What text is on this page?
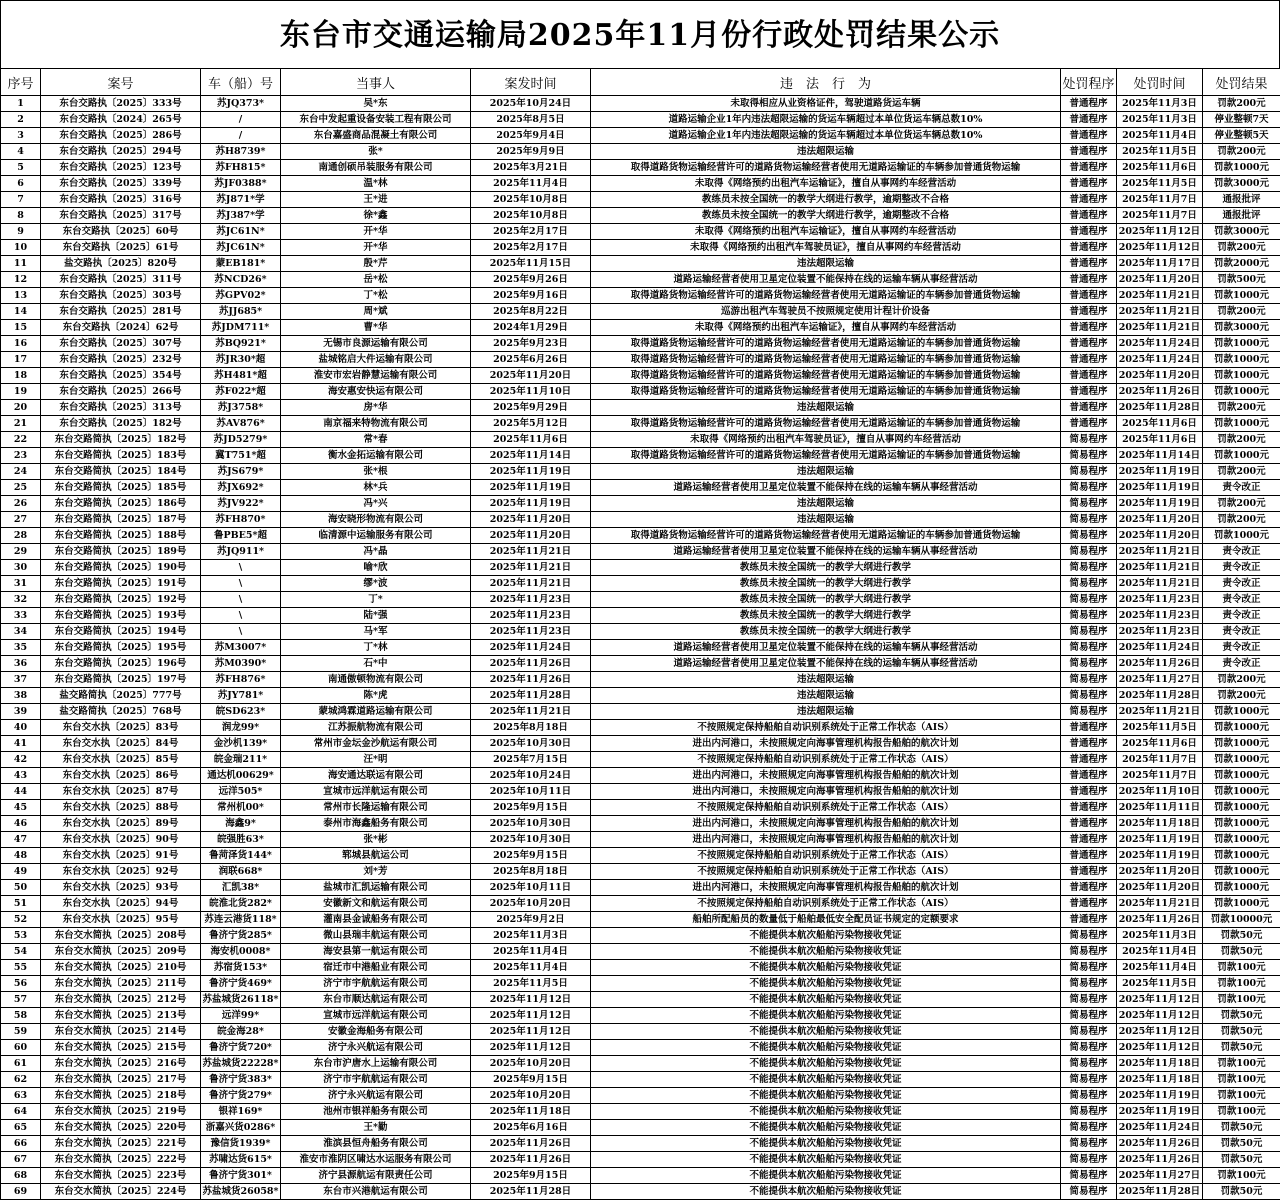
东台市交通运输局2025年11月份行政处罚结果公示
序号	案号	车（船）号	当事人	案发时间	违　法　行　为	处罚程序	处罚时间	处罚结果
1	东台交路执〔2025〕333号	苏JQ373*	吴*东	2025年10月24日	未取得相应从业资格证件，驾驶道路货运车辆	普通程序	2025年11月3日	罚款200元
2	东台交路执〔2024〕265号	/	东台中发起重设备安装工程有限公司	2025年8月5日	道路运输企业1年内违法超限运输的货运车辆超过本单位货运车辆总数10%	普通程序	2025年11月3日	停业整顿7天
3	东台交路执〔2025〕286号	/	东台嘉盛商品混凝土有限公司	2025年9月4日	道路运输企业1年内违法超限运输的货运车辆超过本单位货运车辆总数10%	普通程序	2025年11月4日	停业整顿5天
4	东台交路执〔2025〕294号	苏H8739*	张*	2025年9月9日	违法超限运输	普通程序	2025年11月5日	罚款200元
5	东台交路执〔2025〕123号	苏FH815*	南通创硕吊装服务有限公司	2025年3月21日	取得道路货物运输经营许可的道路货物运输经营者使用无道路运输证的车辆参加普通货物运输	普通程序	2025年11月6日	罚款1000元
6	东台交路执〔2025〕339号	苏JF0388*	温*林	2025年11月4日	未取得《网络预约出租汽车运输证》，擅自从事网约车经营活动	普通程序	2025年11月5日	罚款3000元
7	东台交路执〔2025〕316号	苏J871*学	王*进	2025年10月8日	教练员未按全国统一的教学大纲进行教学，逾期整改不合格	普通程序	2025年11月7日	通报批评
8	东台交路执〔2025〕317号	苏J387*学	徐*鑫	2025年10月8日	教练员未按全国统一的教学大纲进行教学，逾期整改不合格	普通程序	2025年11月7日	通报批评
9	东台交路执〔2025〕60号	苏JC61N*	开*华	2025年2月17日	未取得《网络预约出租汽车运输证》，擅自从事网约车经营活动	普通程序	2025年11月12日	罚款3000元
10	东台交路执〔2025〕61号	苏JC61N*	开*华	2025年2月17日	未取得《网络预约出租汽车驾驶员证》，擅自从事网约车经营活动	普通程序	2025年11月12日	罚款200元
11	盐交路执〔2025〕820号	蒙EB181*	殷*芹	2025年11月15日	违法超限运输	普通程序	2025年11月17日	罚款2000元
12	东台交路执〔2025〕311号	苏NCD26*	岳*松	2025年9月26日	道路运输经营者使用卫星定位装置不能保持在线的运输车辆从事经营活动	普通程序	2025年11月20日	罚款500元
13	东台交路执〔2025〕303号	苏GPV02*	丁*松	2025年9月16日	取得道路货物运输经营许可的道路货物运输经营者使用无道路运输证的车辆参加普通货物运输	普通程序	2025年11月21日	罚款1000元
14	东台交路执〔2025〕281号	苏JJ685*	周*斌	2025年8月22日	巡游出租汽车驾驶员不按照规定使用计程计价设备	普通程序	2025年11月21日	罚款200元
15	东台交路执〔2024〕62号	苏JDM711*	曹*华	2024年1月29日	未取得《网络预约出租汽车运输证》，擅自从事网约车经营活动	普通程序	2025年11月21日	罚款3000元
16	东台交路执〔2025〕307号	苏BQ921*	无锡市良源运输有限公司	2025年9月23日	取得道路货物运输经营许可的道路货物运输经营者使用无道路运输证的车辆参加普通货物运输	普通程序	2025年11月24日	罚款1000元
17	东台交路执〔2025〕232号	苏JR30*超	盐城铭启大件运输有限公司	2025年6月26日	取得道路货物运输经营许可的道路货物运输经营者使用无道路运输证的车辆参加普通货物运输	普通程序	2025年11月24日	罚款1000元
18	东台交路执〔2025〕354号	苏H481*超	淮安市宏岩静慧运输有限公司	2025年11月20日	取得道路货物运输经营许可的道路货物运输经营者使用无道路运输证的车辆参加普通货物运输	普通程序	2025年11月20日	罚款1000元
19	东台交路执〔2025〕266号	苏F022*超	海安惠安快运有限公司	2025年11月10日	取得道路货物运输经营许可的道路货物运输经营者使用无道路运输证的车辆参加普通货物运输	普通程序	2025年11月26日	罚款1000元
20	东台交路执〔2025〕313号	苏J3758*	房*华	2025年9月29日	违法超限运输	普通程序	2025年11月28日	罚款200元
21	东台交路执〔2025〕182号	苏AV876*	南京福来特物流有限公司	2025年5月12日	取得道路货物运输经营许可的道路货物运输经营者使用无道路运输证的车辆参加普通货物运输	普通程序	2025年11月6日	罚款1000元
22	东台交路简执〔2025〕182号	苏JD5279*	常*春	2025年11月6日	未取得《网络预约出租汽车驾驶员证》，擅自从事网约车经营活动	简易程序	2025年11月6日	罚款200元
23	东台交路简执〔2025〕183号	冀T751*超	衡水金拓运输有限公司	2025年11月14日	取得道路货物运输经营许可的道路货物运输经营者使用无道路运输证的车辆参加普通货物运输	简易程序	2025年11月14日	罚款1000元
24	东台交路简执〔2025〕184号	苏JS679*	张*根	2025年11月19日	违法超限运输	简易程序	2025年11月19日	罚款200元
25	东台交路简执〔2025〕185号	苏JX692*	林*兵	2025年11月19日	道路运输经营者使用卫星定位装置不能保持在线的运输车辆从事经营活动	简易程序	2025年11月19日	责令改正
26	东台交路简执〔2025〕186号	苏JV922*	冯*兴	2025年11月19日	违法超限运输	简易程序	2025年11月19日	罚款200元
27	东台交路简执〔2025〕187号	苏FH870*	海安晓形物流有限公司	2025年11月20日	违法超限运输	简易程序	2025年11月20日	罚款200元
28	东台交路简执〔2025〕188号	鲁PBE5*超	临清源中运输服务有限公司	2025年11月20日	取得道路货物运输经营许可的道路货物运输经营者使用无道路运输证的车辆参加普通货物运输	简易程序	2025年11月20日	罚款1000元
29	东台交路简执〔2025〕189号	苏JQ911*	冯*晶	2025年11月21日	道路运输经营者使用卫星定位装置不能保持在线的运输车辆从事经营活动	简易程序	2025年11月21日	责令改正
30	东台交路简执〔2025〕190号	\	喻*欣	2025年11月21日	教练员未按全国统一的教学大纲进行教学	简易程序	2025年11月21日	责令改正
31	东台交路简执〔2025〕191号	\	缪*波	2025年11月21日	教练员未按全国统一的教学大纲进行教学	简易程序	2025年11月21日	责令改正
32	东台交路简执〔2025〕192号	\	丁*	2025年11月23日	教练员未按全国统一的教学大纲进行教学	简易程序	2025年11月23日	责令改正
33	东台交路简执〔2025〕193号	\	陆*强	2025年11月23日	教练员未按全国统一的教学大纲进行教学	简易程序	2025年11月23日	责令改正
34	东台交路简执〔2025〕194号	\	马*军	2025年11月23日	教练员未按全国统一的教学大纲进行教学	简易程序	2025年11月23日	责令改正
35	东台交路简执〔2025〕195号	苏M3007*	丁*林	2025年11月24日	道路运输经营者使用卫星定位装置不能保持在线的运输车辆从事经营活动	简易程序	2025年11月24日	责令改正
36	东台交路简执〔2025〕196号	苏M0390*	石*中	2025年11月26日	道路运输经营者使用卫星定位装置不能保持在线的运输车辆从事经营活动	简易程序	2025年11月26日	责令改正
37	东台交路简执〔2025〕197号	苏FH876*	南通傲顿物流有限公司	2025年11月26日	违法超限运输	简易程序	2025年11月27日	罚款200元
38	盐交路简执〔2025〕777号	苏JY781*	陈*虎	2025年11月28日	违法超限运输	简易程序	2025年11月28日	罚款200元
39	盐交路简执〔2025〕768号	皖SD623*	蒙城鸿霖道路运输有限公司	2025年11月21日	违法超限运输	简易程序	2025年11月21日	罚款1000元
40	东台交水执〔2025〕83号	润龙99*	江苏振航物流有限公司	2025年8月18日	不按照规定保持船舶自动识别系统处于正常工作状态（AIS）	普通程序	2025年11月5日	罚款1000元
41	东台交水执〔2025〕84号	金沙机139*	常州市金坛金沙航运有限公司	2025年10月30日	进出内河港口，未按照规定向海事管理机构报告船舶的航次计划	普通程序	2025年11月6日	罚款1000元
42	东台交水执〔2025〕85号	皖金瑞211*	汪*明	2025年7月15日	不按照规定保持船舶自动识别系统处于正常工作状态（AIS）	普通程序	2025年11月7日	罚款1000元
43	东台交水执〔2025〕86号	通达机00629*	海安通达联运有限公司	2025年10月24日	进出内河港口，未按照规定向海事管理机构报告船舶的航次计划	普通程序	2025年11月7日	罚款1000元
44	东台交水执〔2025〕87号	远洋505*	宣城市远洋航运有限公司	2025年10月11日	进出内河港口，未按照规定向海事管理机构报告船舶的航次计划	普通程序	2025年11月10日	罚款1000元
45	东台交水执〔2025〕88号	常州机00*	常州市长隆运输有限公司	2025年9月15日	不按照规定保持船舶自动识别系统处于正常工作状态（AIS）	普通程序	2025年11月11日	罚款1000元
46	东台交水执〔2025〕89号	海鑫9*	泰州市海鑫船务有限公司	2025年10月30日	进出内河港口，未按照规定向海事管理机构报告船舶的航次计划	普通程序	2025年11月18日	罚款1000元
47	东台交水执〔2025〕90号	皖强胜63*	张*彬	2025年10月30日	进出内河港口，未按照规定向海事管理机构报告船舶的航次计划	普通程序	2025年11月19日	罚款1000元
48	东台交水执〔2025〕91号	鲁菏泽货144*	郓城县航运公司	2025年9月15日	不按照规定保持船舶自动识别系统处于正常工作状态（AIS）	普通程序	2025年11月19日	罚款1000元
49	东台交水执〔2025〕92号	润联668*	刘*芳	2025年8月18日	不按照规定保持船舶自动识别系统处于正常工作状态（AIS）	普通程序	2025年11月20日	罚款1000元
50	东台交水执〔2025〕93号	汇凯38*	盐城市汇凯运输有限公司	2025年10月11日	进出内河港口，未按照规定向海事管理机构报告船舶的航次计划	普通程序	2025年11月20日	罚款1000元
51	东台交水执〔2025〕94号	皖淮北货282*	安徽新文和航运有限公司	2025年10月20日	不按照规定保持船舶自动识别系统处于正常工作状态（AIS）	普通程序	2025年11月21日	罚款1000元
52	东台交水执〔2025〕95号	苏连云港货118*	灌南县金诚船务有限公司	2025年9月2日	船舶所配船员的数量低于船舶最低安全配员证书规定的定额要求	普通程序	2025年11月26日	罚款10000元
53	东台交水简执〔2025〕208号	鲁济宁货285*	微山县瑞丰航运有限公司	2025年11月3日	不能提供本航次船舶污染物接收凭证	简易程序	2025年11月3日	罚款50元
54	东台交水简执〔2025〕209号	海安机0008*	海安县第一航运有限公司	2025年11月4日	不能提供本航次船舶污染物接收凭证	简易程序	2025年11月4日	罚款50元
55	东台交水简执〔2025〕210号	苏宿货153*	宿迁市中港船业有限公司	2025年11月4日	不能提供本航次船舶污染物接收凭证	简易程序	2025年11月4日	罚款100元
56	东台交水简执〔2025〕211号	鲁济宁货469*	济宁市宇航航运有限公司	2025年11月5日	不能提供本航次船舶污染物接收凭证	简易程序	2025年11月5日	罚款100元
57	东台交水简执〔2025〕212号	苏盐城货26118*	东台市顺达航运有限公司	2025年11月12日	不能提供本航次船舶污染物接收凭证	简易程序	2025年11月12日	罚款100元
58	东台交水简执〔2025〕213号	远洋99*	宣城市远洋航运有限公司	2025年11月12日	不能提供本航次船舶污染物接收凭证	简易程序	2025年11月12日	罚款50元
59	东台交水简执〔2025〕214号	皖金海28*	安徽金海船务有限公司	2025年11月12日	不能提供本航次船舶污染物接收凭证	简易程序	2025年11月12日	罚款50元
60	东台交水简执〔2025〕215号	鲁济宁货720*	济宁永兴航运有限公司	2025年11月12日	不能提供本航次船舶污染物接收凭证	简易程序	2025年11月12日	罚款50元
61	东台交水简执〔2025〕216号	苏盐城货22228*	东台市沪唐水上运输有限公司	2025年10月20日	不能提供本航次船舶污染物接收凭证	简易程序	2025年11月18日	罚款100元
62	东台交水简执〔2025〕217号	鲁济宁货383*	济宁市宇航航运有限公司	2025年9月15日	不能提供本航次船舶污染物接收凭证	简易程序	2025年11月18日	罚款100元
63	东台交水简执〔2025〕218号	鲁济宁货279*	济宁永兴航运有限公司	2025年10月20日	不能提供本航次船舶污染物接收凭证	简易程序	2025年11月19日	罚款100元
64	东台交水简执〔2025〕219号	银祥169*	池州市银祥船务有限公司	2025年11月18日	不能提供本航次船舶污染物接收凭证	简易程序	2025年11月19日	罚款100元
65	东台交水简执〔2025〕220号	浙嘉兴货0286*	王*勤	2025年6月16日	不能提供本航次船舶污染物接收凭证	简易程序	2025年11月24日	罚款50元
66	东台交水简执〔2025〕221号	豫信货1939*	淮滨县恒舟船务有限公司	2025年11月26日	不能提供本航次船舶污染物接收凭证	简易程序	2025年11月26日	罚款50元
67	东台交水简执〔2025〕222号	苏啸达货615*	淮安市淮阴区啸达水运服务有限公司	2025年11月26日	不能提供本航次船舶污染物接收凭证	简易程序	2025年11月26日	罚款50元
68	东台交水简执〔2025〕223号	鲁济宁货301*	济宁县源航运有限责任公司	2025年9月15日	不能提供本航次船舶污染物接收凭证	简易程序	2025年11月27日	罚款100元
69	东台交水简执〔2025〕224号	苏盐城货26058*	东台市兴港航运有限公司	2025年11月28日	不能提供本航次船舶污染物接收凭证	简易程序	2025年11月28日	罚款50元
